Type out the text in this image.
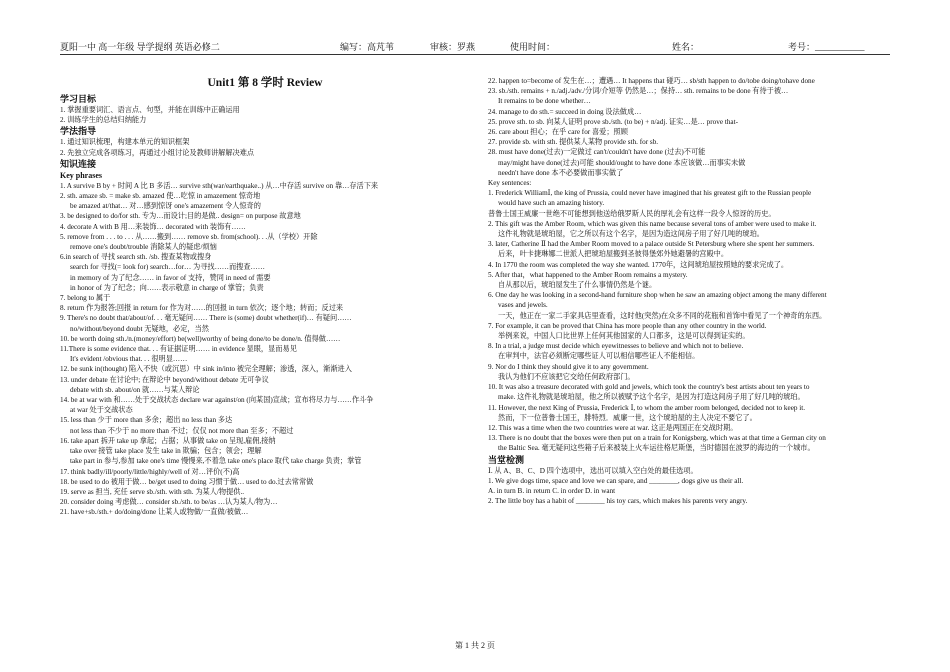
夏阳一中 高一年级 导学提纲 英语必修二	编写：高芃苇	审核：罗燕	使用时间：	姓名：	考号：___________
Unit1 第 8 学时 Review
学习目标
1. 掌握重要词汇、语言点、句型，并能在训练中正确运用
2. 训练学生的总结归纳能力
学法指导
1. 通过知识梳理，构建本单元的知识框架
2. 先独立完成各项练习，再通过小组讨论及教师讲解解决难点
知识连接
Key phrases
1. A survive B by + 时间 A 比 B 多活… survive sth(war/earthquake..) 从…中存活 survive on 靠…存活下来
2. sth. amaze sb. = make sb. amazed 使…吃惊 in amazement 惊奇地
be amazed at/that… 对…感到惊讶 one's amazement 令人惊奇的
3. be designed to do/for sth. 专为…而设计;目的是做.. design= on purpose 故意地
4. decorate A with B 用…来装饰… decorated with 装饰有……
5. remove from . . . to . . . 从……搬到…… remove sb. from(school). . .从（学校）开除
remove one's doubt/trouble 消除某人的疑虑/烦恼
6.in search of 寻找 search sth. /sb. 搜查某物或搜身
search for 寻找(= look for) search…for… 为寻找……而搜查……
in memory of 为了纪念…… in favor of 支持，赞同 in need of 需要
in honor of 为了纪念；向……表示敬意 in charge of 掌管；负责
7. belong to 属于
8. return 作为报答;回报 in return for 作为对……的回报 in turn 依次；逐个地；转而；反过来
9. There's no doubt that/about/of. . . 毫无疑问…… There is (some) doubt whether(if)… 有疑问……
no/without/beyond doubt 无疑地，必定，当然
10. be worth doing sth./n.(money/effort) be(well)worthy of being done/to be done/n. 值得做……
11.There is some evidence that. . . 有证据证明…… in evidence 显眼，显而易见
It's evident /obvious that. . . 很明显……
12. be sunk in(thought) 陷入不快（或沉思）中 sink in/into 被完全理解；渗透，深入，渐渐进入
13. under debate 在讨论中; 在辩论中 beyond/without debate 无可争议
debate with sb. about/on 就……与某人辩论
14. be at war with 和……处于交战状态 declare war against/on (向某国)宣战；宣布将尽力与……作斗争
at war 处于交战状态
15. less than 少于 more than 多余；超出 no less than 多达
not less than 不少于 no more than 不过；仅仅 not more than 至多；不超过
16. take apart 拆开 take up 拿起；占据；从事做 take on 呈现,雇佣,接纳
take over 接管 take place 发生 take in 欺骗；包含；领会；理解
take part in 参与,参加 take one's time 慢慢来,不着急 take one's place 取代 take charge 负责；掌管
17. think badly/ill/poorly/little/highly/well of 对…评价(不)高
18. be used to do 被用于做… be/get used to doing 习惯于做… used to do.过去常常做
19. serve as 担当, 充任 serve sb./sth. with sth. 为某人/物提供..
20. consider doing 考虑做… consider sb./sth. to be/as …认为某人/物为…
21. have+sb./sth.+ do/doing/done 让某人或物做/一直做/被做…
22. happen to=become of 发生在…；遭遇… It happens that 碰巧… sb/sth happen to do/tobe doing/tohave done
23. sb./sth. remains + n./adj./adv./分词/介短等 仍然是…；保持… sth. remains to be done 有待于被…
It remains to be done whether…
24. manage to do sth.= succeed in doing 设法做成…
25. prove sth. to sb. 向某人证明 prove sb./sth. (to be) + n/adj. 证实…是… prove that-
26. care about 担心；在乎 care for 喜爱；照顾
27. provide sb. with sth. 提供某人某物 provide sth. for sb.
28. must have done(过去)一定做过 can't/couldn't have done (过去)不可能
may/might have done(过去)可能 should/ought to have done 本应该做…而事实未做
needn't have done 本不必要做而事实做了
Key sentences:
1. Frederick WilliamⅠ, the king of Prussia, could never have imagined that his greatest gift to the Russian people
would have such an amazing history.
普鲁士国王威廉一世绝不可能想到他送给俄罗斯人民的厚礼会有这样一段令人惊讶的历史。
2. This gift was the Amber Room, which was given this name because several tons of amber were used to make it.
这件礼物就是琥珀屋，它之所以有这个名字，是因为造这间房子用了好几吨的琥珀。
3. later, Catherine Ⅱ had the Amber Room moved to a palace outside St Petersburg where she spent her summers.
后来，叶卡捷琳娜二世派人把琥珀屋搬到圣彼得堡郊外她避暑的宫殿中。
4. In 1770 the room was completed the way she wanted. 1770年，这间琥珀屋按照她的要求完成了。
5. After that，what happened to the Amber Room remains a mystery.
自从那以后，琥珀屋发生了什么事情仍然是个谜。
6. One day he was looking in a second-hand furniture shop when he saw an amazing object among the many different
vases and jewels.
一天，他正在一家二手家具店里查看，这时他(突然)在众多不同的花瓶和首饰中看见了一个神奇的东西。
7. For example, it can be proved that China has more people than any other country in the world.
举例来说，中国人口比世界上任何其他国家的人口都多，这是可以得到证实的。
8. In a trial, a judge must decide which eyewitnesses to believe and which not to believe.
在审判中，法官必须断定哪些证人可以相信哪些证人不能相信。
9. Nor do I think they should give it to any government.
我认为他们不应该把它交给任何政府部门。
10. It was also a treasure decorated with gold and jewels, which took the country's best artists about ten years to
make. 这件礼物就是琥珀屋，他之所以被赋予这个名字，是因为打造这间房子用了好几吨的琥珀。
11. However, the next King of Prussia, Frederick Ⅰ, to whom the amber room belonged, decided not to keep it.
然而，下一位普鲁士国王，腓特烈．威廉一世，这个琥珀屋的主人决定不要它了。
12. This was a time when the two countries were at war. 这正是两国正在交战时期。
13. There is no doubt that the boxes were then put on a train for Konigsberg, which was at that time a German city on
the Baltic Sea. 毫无疑问这些箱子后来被装上火车运往格尼斯堡，当时德国在波罗的海边的一个城市。
当堂检测
Ⅰ. 从 A、B、C、D 四个选项中，选出可以填入空白处的最佳选项。
1. We give dogs time, space and love we can spare, and ________, dogs give us their all.
A. in turn B. in return C. in order D. in want
2. The little boy has a habit of ________ his toy cars, which makes his parents very angry.
第 1 共 2 页
